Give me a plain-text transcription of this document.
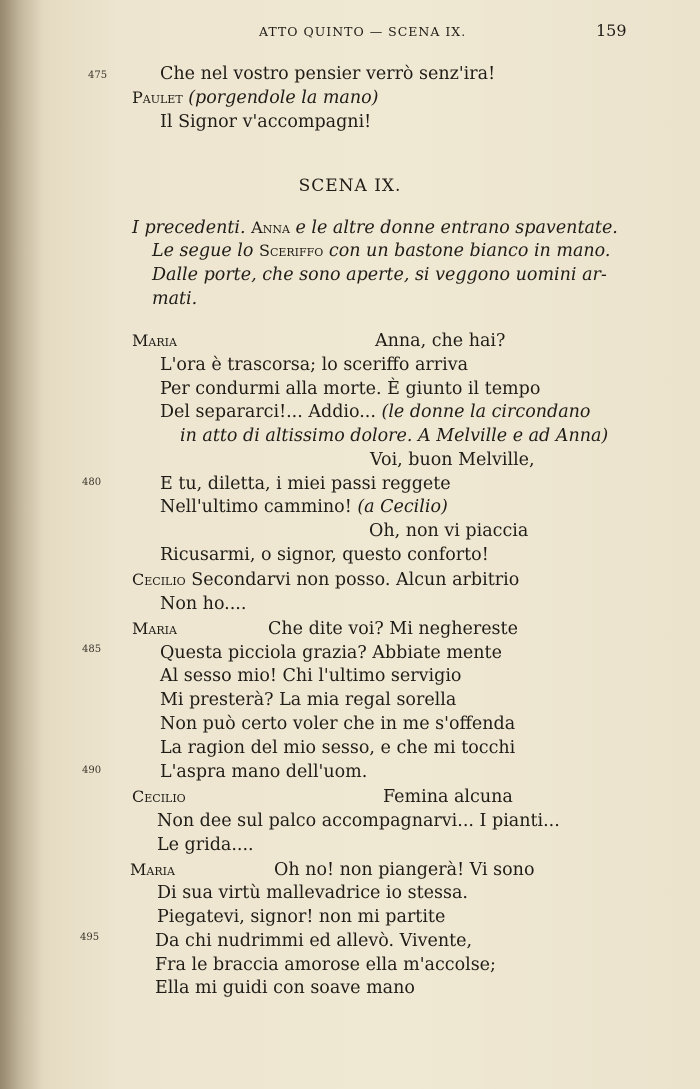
ATTO QUINTO — SCENA IX.	159
475
480
485
490
495
Che nel vostro pensier verrò senz'ira!
Paulet (porgendole la mano)
Il Signor v'accompagni!
SCENA IX.
I precedenti. Anna e le altre donne entrano spaventate.
Le segue lo Sceriffo con un bastone bianco in mano.
Dalle porte, che sono aperte, si veggono uomini ar-
mati.
Maria	Anna, che hai?
L'ora è trascorsa; lo sceriffo arriva
Per condurmi alla morte. È giunto il tempo
Del separarci!... Addio... (le donne la circondano
in atto di altissimo dolore. A Melville e ad Anna)
Voi, buon Melville,
E tu, diletta, i miei passi reggete
Nell'ultimo cammino! (a Cecilio)
Oh, non vi piaccia
Ricusarmi, o signor, questo conforto!
Cecilio Secondarvi non posso. Alcun arbitrio
Non ho....
Maria	Che dite voi? Mi neghereste
Questa picciola grazia? Abbiate mente
Al sesso mio! Chi l'ultimo servigio
Mi presterà? La mia regal sorella
Non può certo voler che in me s'offenda
La ragion del mio sesso, e che mi tocchi
L'aspra mano dell'uom.
Cecilio	Femina alcuna
Non dee sul palco accompagnarvi... I pianti...
Le grida....
Maria	Oh no! non piangerà! Vi sono
Di sua virtù mallevadrice io stessa.
Piegatevi, signor! non mi partite
Da chi nudrimmi ed allevò. Vivente,
Fra le braccia amorose ella m'accolse;
Ella mi guidi con soave mano
